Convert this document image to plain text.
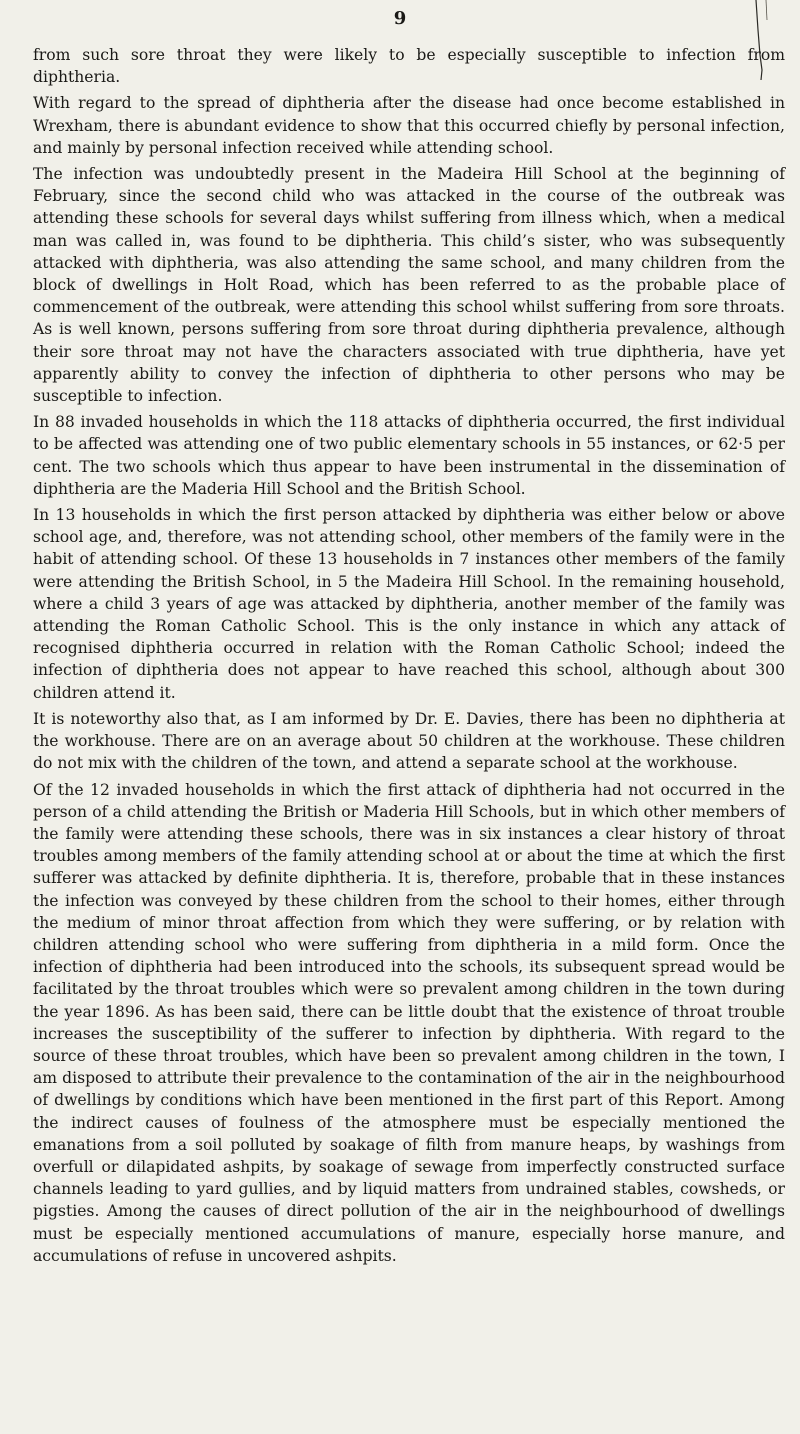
9

from such sore throat they were likely to be especially susceptible to infection from diphtheria.

With regard to the spread of diphtheria after the disease had once become established in Wrexham, there is abundant evidence to show that this occurred chiefly by personal infection, and mainly by personal infection received while attending school.

The infection was undoubtedly present in the Madeira Hill School at the beginning of February, since the second child who was attacked in the course of the outbreak was attending these schools for several days whilst suffering from illness which, when a medical man was called in, was found to be diphtheria. This child’s sister, who was subsequently attacked with diphtheria, was also attending the same school, and many children from the block of dwellings in Holt Road, which has been referred to as the probable place of commencement of the outbreak, were attending this school whilst suffering from sore throats. As is well known, persons suffering from sore throat during diphtheria prevalence, although their sore throat may not have the characters associated with true diphtheria, have yet apparently ability to convey the infection of diphtheria to other persons who may be susceptible to infection.

In 88 invaded households in which the 118 attacks of diphtheria occurred, the first individual to be affected was attending one of two public elementary schools in 55 instances, or 62·5 per cent. The two schools which thus appear to have been instrumental in the dissemination of diphtheria are the Maderia Hill School and the British School.

In 13 households in which the first person attacked by diphtheria was either below or above school age, and, therefore, was not attending school, other members of the family were in the habit of attending school. Of these 13 households in 7 instances other members of the family were attending the British School, in 5 the Madeira Hill School. In the remaining household, where a child 3 years of age was attacked by diphtheria, another member of the family was attending the Roman Catholic School. This is the only instance in which any attack of recognised diphtheria occurred in relation with the Roman Catholic School; indeed the infection of diphtheria does not appear to have reached this school, although about 300 children attend it.

It is noteworthy also that, as I am informed by Dr. E. Davies, there has been no diphtheria at the workhouse. There are on an average about 50 children at the workhouse. These children do not mix with the children of the town, and attend a separate school at the workhouse.

Of the 12 invaded households in which the first attack of diphtheria had not occurred in the person of a child attending the British or Maderia Hill Schools, but in which other members of the family were attending these schools, there was in six instances a clear history of throat troubles among members of the family attending school at or about the time at which the first sufferer was attacked by definite diphtheria. It is, therefore, probable that in these instances the infection was conveyed by these children from the school to their homes, either through the medium of minor throat affection from which they were suffering, or by relation with children attending school who were suffering from diphtheria in a mild form. Once the infection of diphtheria had been introduced into the schools, its subsequent spread would be facilitated by the throat troubles which were so prevalent among children in the town during the year 1896. As has been said, there can be little doubt that the existence of throat trouble increases the susceptibility of the sufferer to infection by diphtheria. With regard to the source of these throat troubles, which have been so prevalent among children in the town, I am disposed to attribute their prevalence to the contamination of the air in the neighbourhood of dwellings by conditions which have been mentioned in the first part of this Report. Among the indirect causes of foulness of the atmosphere must be especially mentioned the emanations from a soil polluted by soakage of filth from manure heaps, by washings from overfull or dilapidated ashpits, by soakage of sewage from imperfectly constructed surface channels leading to yard gullies, and by liquid matters from undrained stables, cowsheds, or pigsties. Among the causes of direct pollution of the air in the neighbourhood of dwellings must be especially mentioned accumulations of manure, especially horse manure, and accumulations of refuse in uncovered ashpits.
